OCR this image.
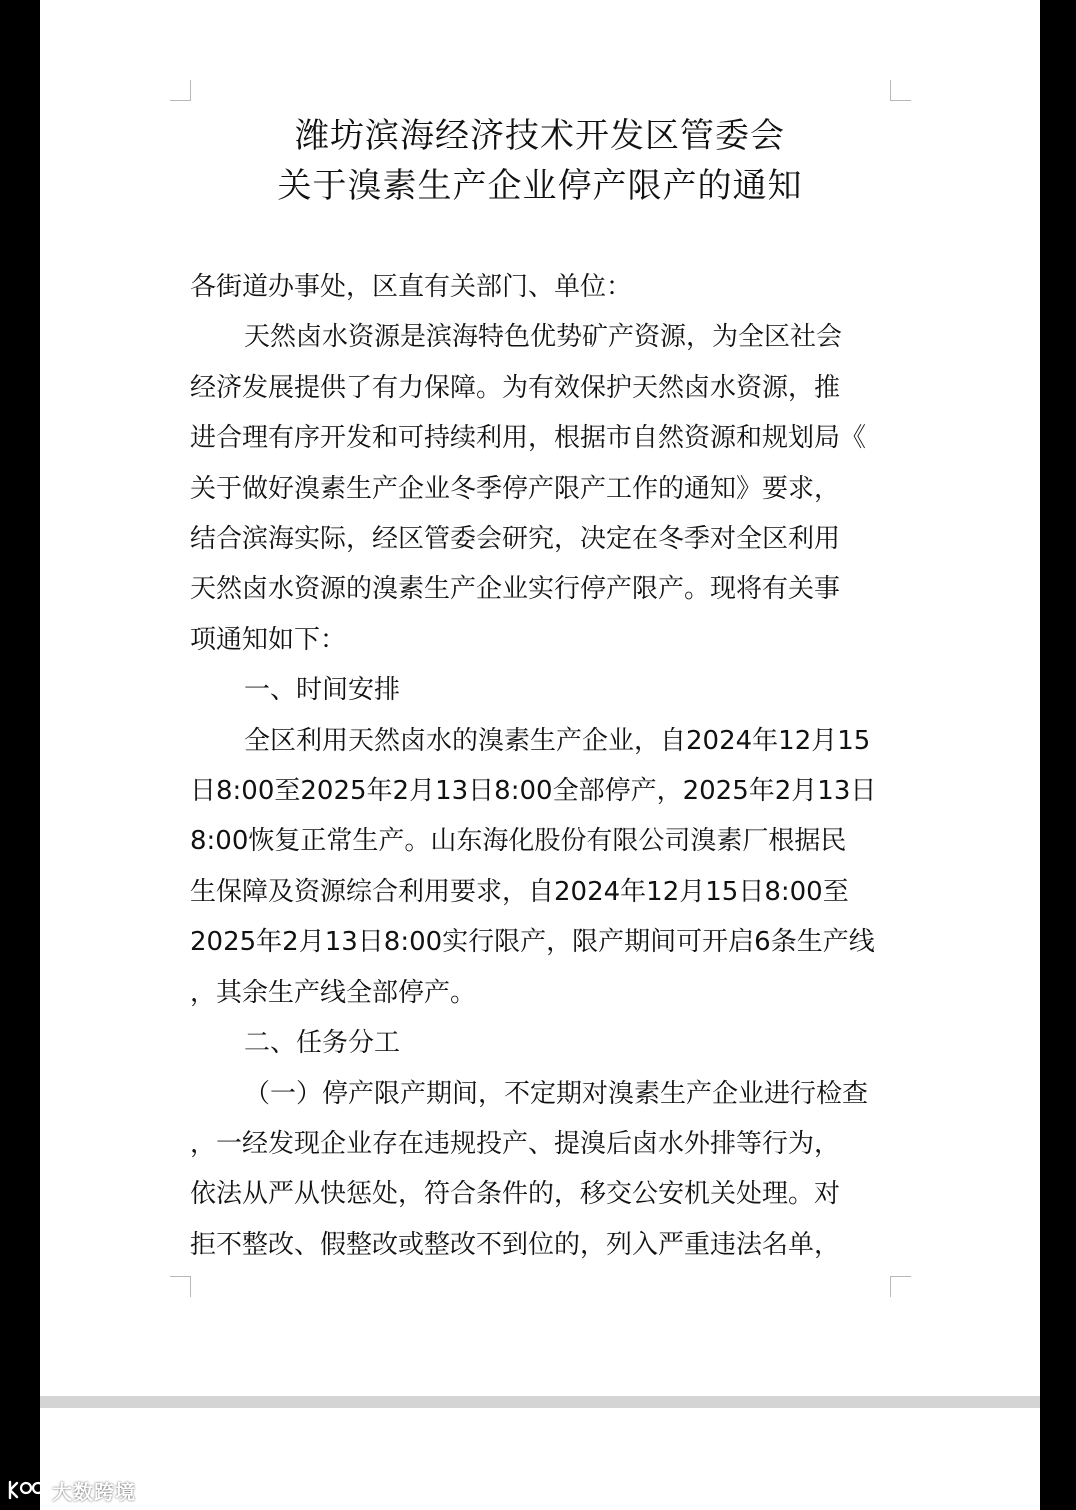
潍坊滨海经济技术开发区管委会
关于溴素生产企业停产限产的通知

各街道办事处，区直有关部门、单位：

天然卤水资源是滨海特色优势矿产资源，为全区社会

经济发展提供了有力保障。为有效保护天然卤水资源，推

进合理有序开发和可持续利用，根据市自然资源和规划局《

关于做好溴素生产企业冬季停产限产工作的通知》要求，

结合滨海实际，经区管委会研究，决定在冬季对全区利用

天然卤水资源的溴素生产企业实行停产限产。现将有关事

项通知如下：

一、时间安排

全区利用天然卤水的溴素生产企业，自2024年12月15

日8:00至2025年2月13日8:00全部停产，2025年2月13日

8:00恢复正常生产。山东海化股份有限公司溴素厂根据民

生保障及资源综合利用要求，自2024年12月15日8:00至

2025年2月13日8:00实行限产，限产期间可开启6条生产线

，其余生产线全部停产。

二、任务分工

（一）停产限产期间，不定期对溴素生产企业进行检查

，一经发现企业存在违规投产、提溴后卤水外排等行为，

依法从严从快惩处，符合条件的，移交公安机关处理。对

拒不整改、假整改或整改不到位的，列入严重违法名单，

大数跨境
